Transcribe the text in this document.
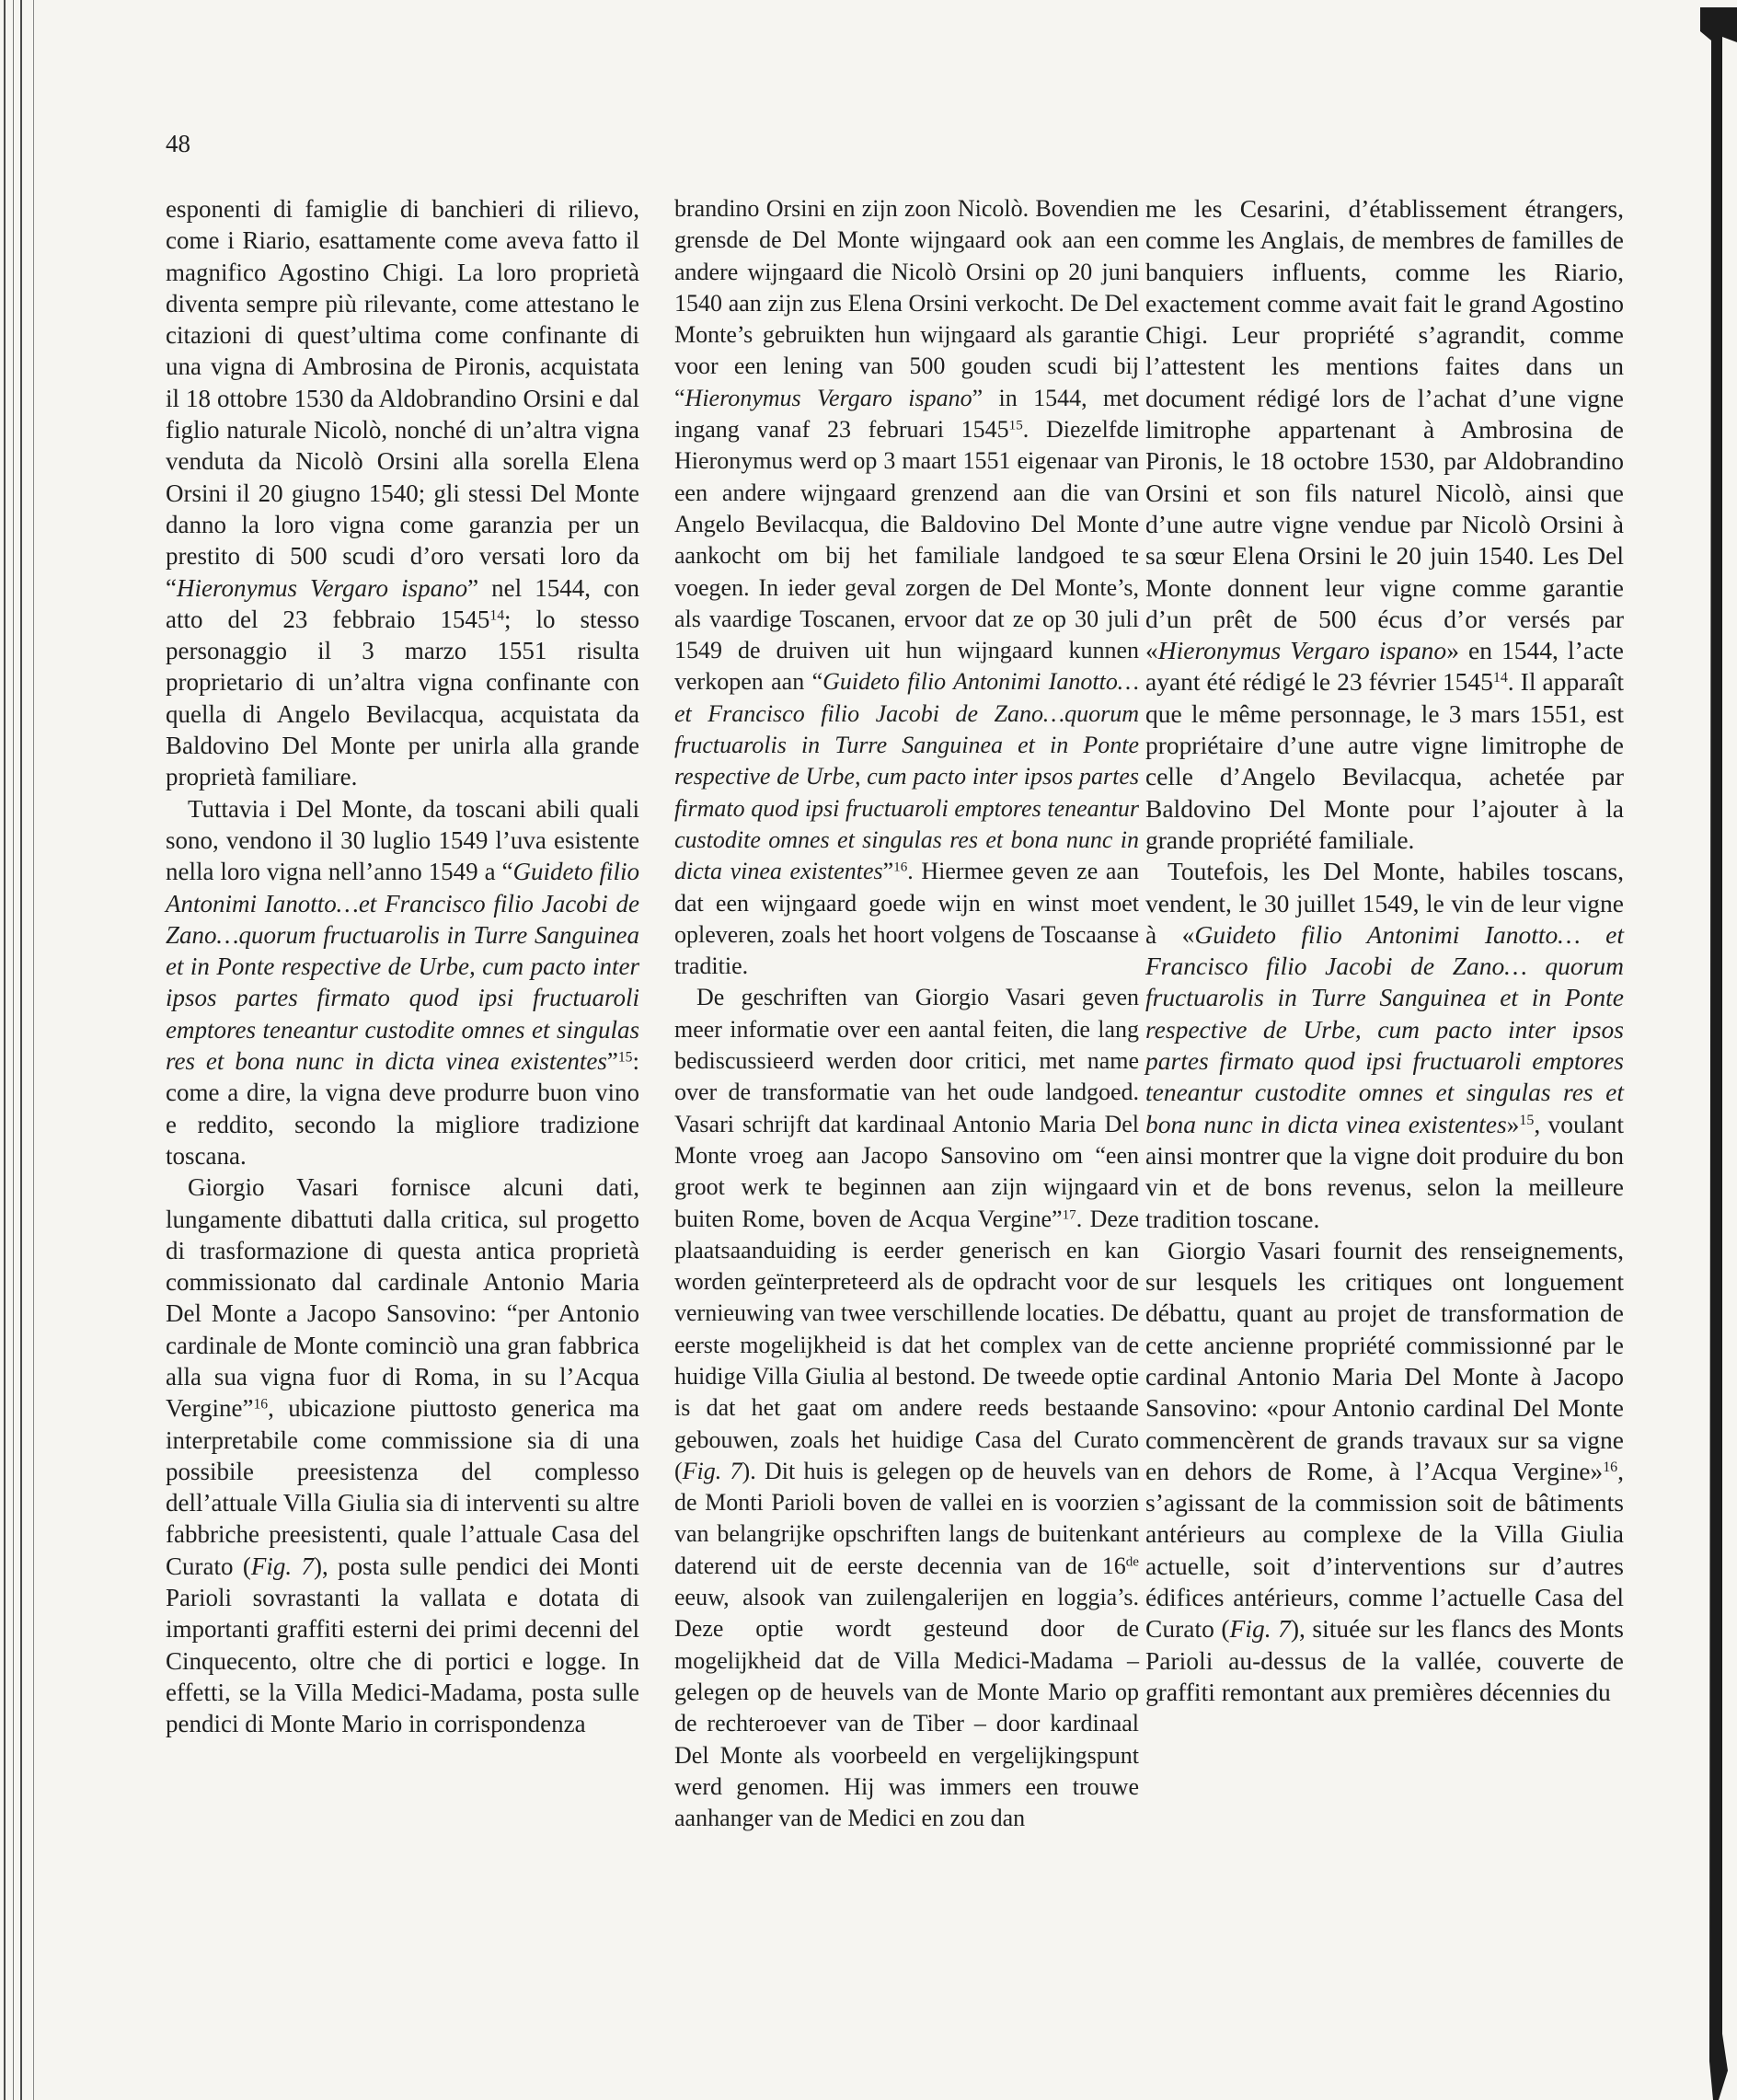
48

esponenti di famiglie di banchieri di rilievo, come i Riario, esattamente come aveva fatto il magnifico Agostino Chigi. La loro proprietà diventa sempre più rilevante, come attestano le citazioni di quest’ultima come confinante di una vigna di Ambrosina de Pironis, acquistata il 18 ottobre 1530 da Aldobrandino Orsini e dal figlio naturale Nicolò, nonché di un’altra vigna venduta da Nicolò Orsini alla sorella Elena Orsini il 20 giugno 1540; gli stessi Del Monte danno la loro vigna come garanzia per un prestito di 500 scudi d’oro versati loro da “Hieronymus Vergaro ispano” nel 1544, con atto del 23 febbraio 1545$^{14}$; lo stesso personaggio il 3 marzo 1551 risulta proprietario di un’altra vigna confinante con quella di Angelo Bevilacqua, acquistata da Baldovino Del Monte per unirla alla grande proprietà familiare.

Tuttavia i Del Monte, da toscani abili quali sono, vendono il 30 luglio 1549 l’uva esistente nella loro vigna nell’anno 1549 a “Guideto filio Antonimi Ianotto…et Francisco filio Jacobi de Zano…quorum fructuarolis in Turre Sanguinea et in Ponte respective de Urbe, cum pacto inter ipsos partes firmato quod ipsi fructuaroli emptores teneantur custodite omnes et singulas res et bona nunc in dicta vinea existentes”$^{15}$: come a dire, la vigna deve produrre buon vino e reddito, secondo la migliore tradizione toscana.

Giorgio Vasari fornisce alcuni dati, lungamente dibattuti dalla critica, sul progetto di trasformazione di questa antica proprietà commissionato dal cardinale Antonio Maria Del Monte a Jacopo Sansovino: “per Antonio cardinale de Monte cominciò una gran fabbrica alla sua vigna fuor di Roma, in su l’Acqua Vergine”$^{16}$, ubicazione piuttosto generica ma interpretabile come commissione sia di una possibile preesistenza del complesso dell’attuale Villa Giulia sia di interventi su altre fabbriche preesistenti, quale l’attuale Casa del Curato (Fig. 7), posta sulle pendici dei Monti Parioli sovrastanti la vallata e dotata di importanti graffiti esterni dei primi decenni del Cinquecento, oltre che di portici e logge. In effetti, se la Villa Medici-Madama, posta sulle pendici di Monte Mario in corrispondenza

brandino Orsini en zijn zoon Nicolò. Bovendien grensde de Del Monte wijngaard ook aan een andere wijngaard die Nicolò Orsini op 20 juni 1540 aan zijn zus Elena Orsini verkocht. De Del Monte’s gebruikten hun wijngaard als garantie voor een lening van 500 gouden scudi bij “Hieronymus Vergaro ispano” in 1544, met ingang vanaf 23 februari 1545$^{15}$. Diezelfde Hieronymus werd op 3 maart 1551 eigenaar van een andere wijngaard grenzend aan die van Angelo Bevilacqua, die Baldovino Del Monte aankocht om bij het familiale landgoed te voegen. In ieder geval zorgen de Del Monte’s, als vaardige Toscanen, ervoor dat ze op 30 juli 1549 de druiven uit hun wijngaard kunnen verkopen aan “Guideto filio Antonimi Ianotto…et Francisco filio Jacobi de Zano…quorum fructuarolis in Turre Sanguinea et in Ponte respective de Urbe, cum pacto inter ipsos partes firmato quod ipsi fructuaroli emptores teneantur custodite omnes et singulas res et bona nunc in dicta vinea existentes”$^{16}$. Hiermee geven ze aan dat een wijngaard goede wijn en winst moet opleveren, zoals het hoort volgens de Toscaanse traditie.

De geschriften van Giorgio Vasari geven meer informatie over een aantal feiten, die lang bediscussieerd werden door critici, met name over de transformatie van het oude landgoed. Vasari schrijft dat kardinaal Antonio Maria Del Monte vroeg aan Jacopo Sansovino om “een groot werk te beginnen aan zijn wijngaard buiten Rome, boven de Acqua Vergine”$^{17}$. Deze plaatsaanduiding is eerder generisch en kan worden geïnterpreteerd als de opdracht voor de vernieuwing van twee verschillende locaties. De eerste mogelijkheid is dat het complex van de huidige Villa Giulia al bestond. De tweede optie is dat het gaat om andere reeds bestaande gebouwen, zoals het huidige Casa del Curato (Fig. 7). Dit huis is gelegen op de heuvels van de Monti Parioli boven de vallei en is voorzien van belangrijke opschriften langs de buitenkant daterend uit de eerste decennia van de 16de eeuw, alsook van zuilengalerijen en loggia’s. Deze optie wordt gesteund door de mogelijkheid dat de Villa Medici-Madama – gelegen op de heuvels van de Monte Mario op de rechteroever van de Tiber – door kardinaal Del Monte als voorbeeld en vergelijkingspunt werd genomen. Hij was immers een trouwe aanhanger van de Medici en zou dan

me les Cesarini, d’établissement étrangers, comme les Anglais, de membres de familles de banquiers influents, comme les Riario, exactement comme avait fait le grand Agostino Chigi. Leur propriété s’agrandit, comme l’attestent les mentions faites dans un document rédigé lors de l’achat d’une vigne limitrophe appartenant à Ambrosina de Pironis, le 18 octobre 1530, par Aldobrandino Orsini et son fils naturel Nicolò, ainsi que d’une autre vigne vendue par Nicolò Orsini à sa sœur Elena Orsini le 20 juin 1540. Les Del Monte donnent leur vigne comme garantie d’un prêt de 500 écus d’or versés par «Hieronymus Vergaro ispano» en 1544, l’acte ayant été rédigé le 23 février 1545$^{14}$. Il apparaît que le même personnage, le 3 mars 1551, est propriétaire d’une autre vigne limitrophe de celle d’Angelo Bevilacqua, achetée par Baldovino Del Monte pour l’ajouter à la grande propriété familiale.

Toutefois, les Del Monte, habiles toscans, vendent, le 30 juillet 1549, le vin de leur vigne à «Guideto filio Antonimi Ianotto… et Francisco filio Jacobi de Zano… quorum fructuarolis in Turre Sanguinea et in Ponte respective de Urbe, cum pacto inter ipsos partes firmato quod ipsi fructuaroli emptores teneantur custodite omnes et singulas res et bona nunc in dicta vinea existentes»$^{15}$, voulant ainsi montrer que la vigne doit produire du bon vin et de bons revenus, selon la meilleure tradition toscane.

Giorgio Vasari fournit des renseignements, sur lesquels les critiques ont longuement débattu, quant au projet de transformation de cette ancienne propriété commissionné par le cardinal Antonio Maria Del Monte à Jacopo Sansovino: «pour Antonio cardinal Del Monte commencèrent de grands travaux sur sa vigne en dehors de Rome, à l’Acqua Vergine»$^{16}$, s’agissant de la commission soit de bâtiments antérieurs au complexe de la Villa Giulia actuelle, soit d’interventions sur d’autres édifices antérieurs, comme l’actuelle Casa del Curato (Fig. 7), située sur les flancs des Monts Parioli au-dessus de la vallée, couverte de graffiti remontant aux premières décennies du
